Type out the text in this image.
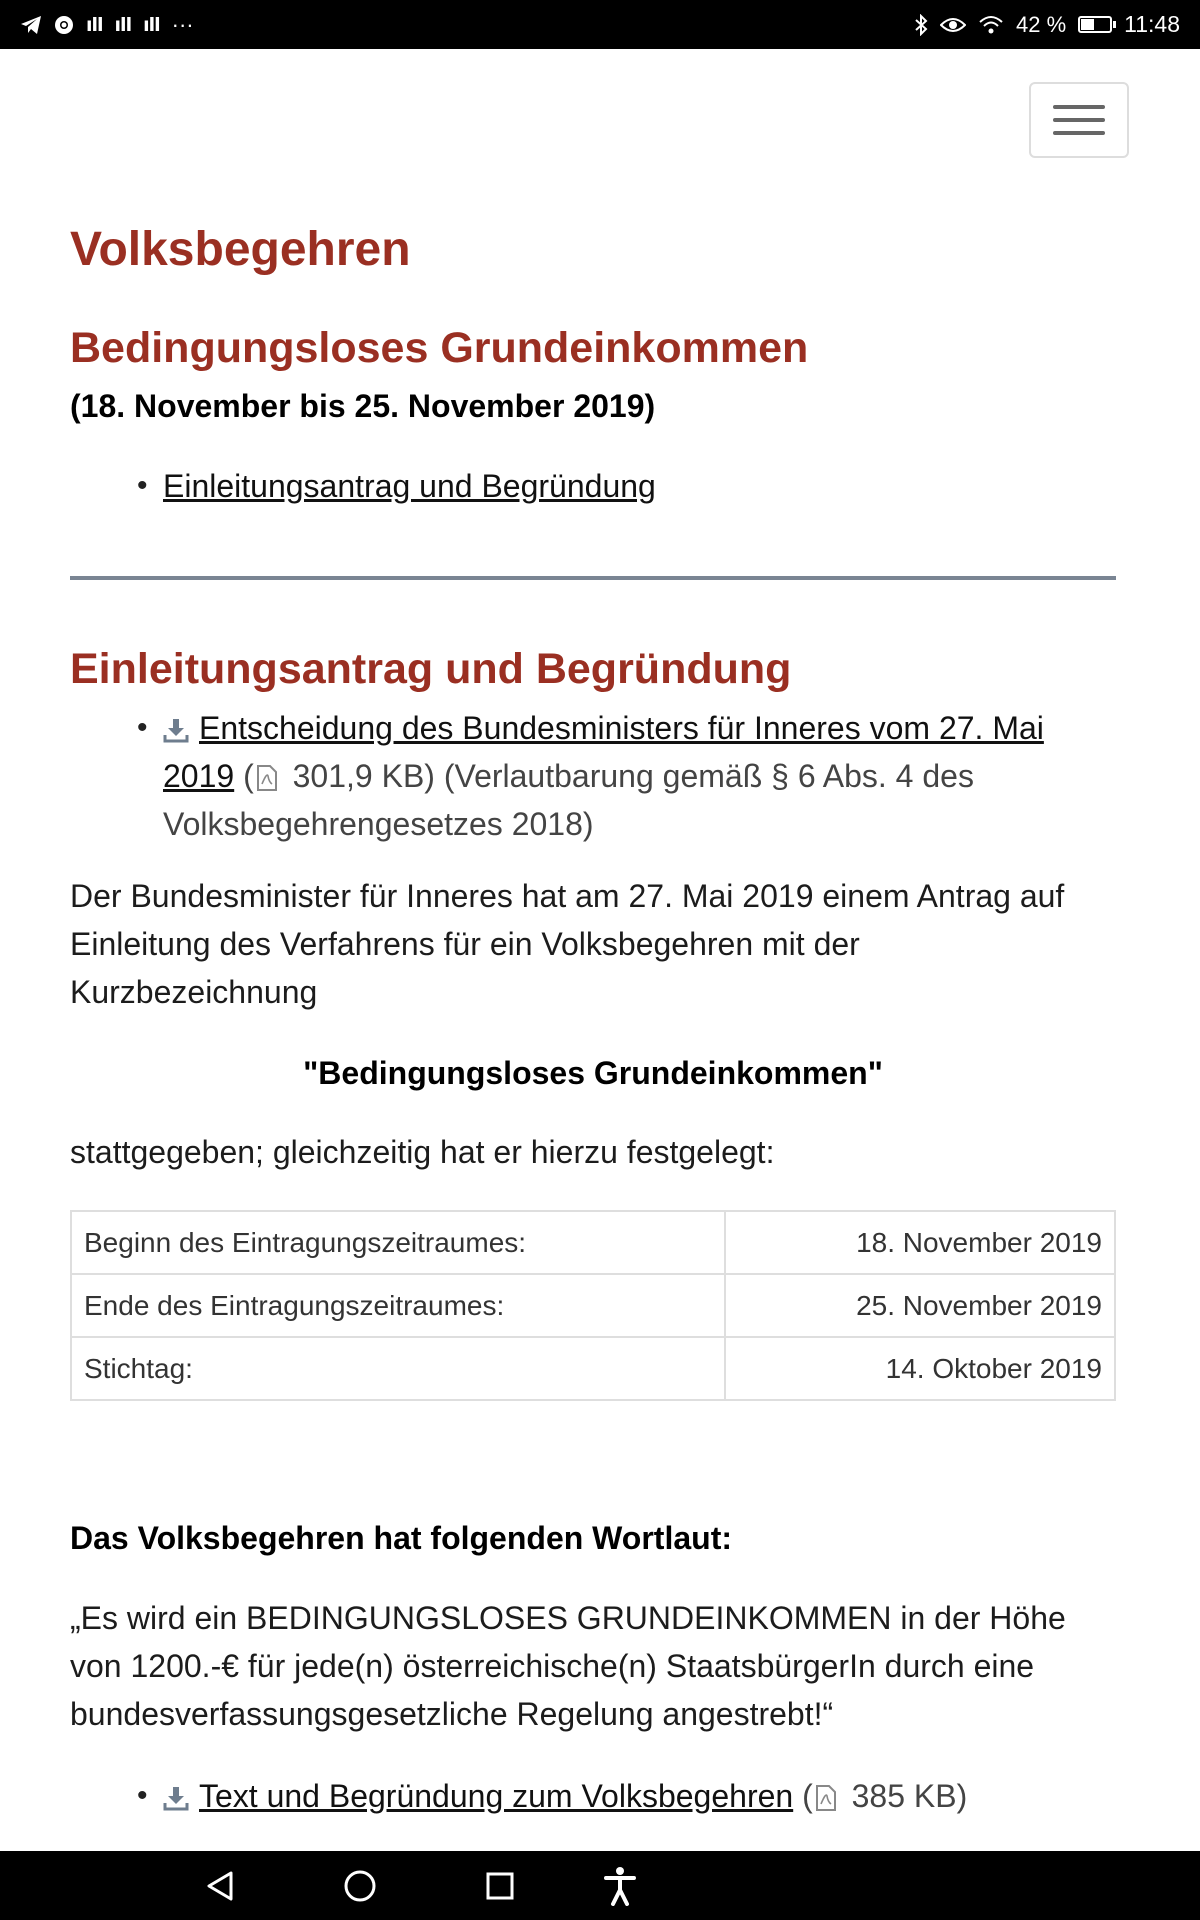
ıll ıll ıll ···	42 %	11:48
Volksbegehren
Bedingungsloses Grundeinkommen
(18. November bis 25. November 2019)
• Einleitungsantrag und Begründung
Einleitungsantrag und Begründung
• Entscheidung des Bundesministers für Inneres vom 27. Mai
2019 ( 301,9 KB) (Verlautbarung gemäß § 6 Abs. 4 des
Volksbegehrengesetzes 2018)
Der Bundesminister für Inneres hat am 27. Mai 2019 einem Antrag auf
Einleitung des Verfahrens für ein Volksbegehren mit der
Kurzbezeichnung
"Bedingungsloses Grundeinkommen"
stattgegeben; gleichzeitig hat er hierzu festgelegt:
Beginn des Eintragungszeitraumes:	18. November 2019
Ende des Eintragungszeitraumes:	25. November 2019
Stichtag:	14. Oktober 2019
Das Volksbegehren hat folgenden Wortlaut:
„Es wird ein BEDINGUNGSLOSES GRUNDEINKOMMEN in der Höhe
von 1200.-€ für jede(n) österreichische(n) StaatsbürgerIn durch eine
bundesverfassungsgesetzliche Regelung angestrebt!“
• Text und Begründung zum Volksbegehren ( 385 KB)
